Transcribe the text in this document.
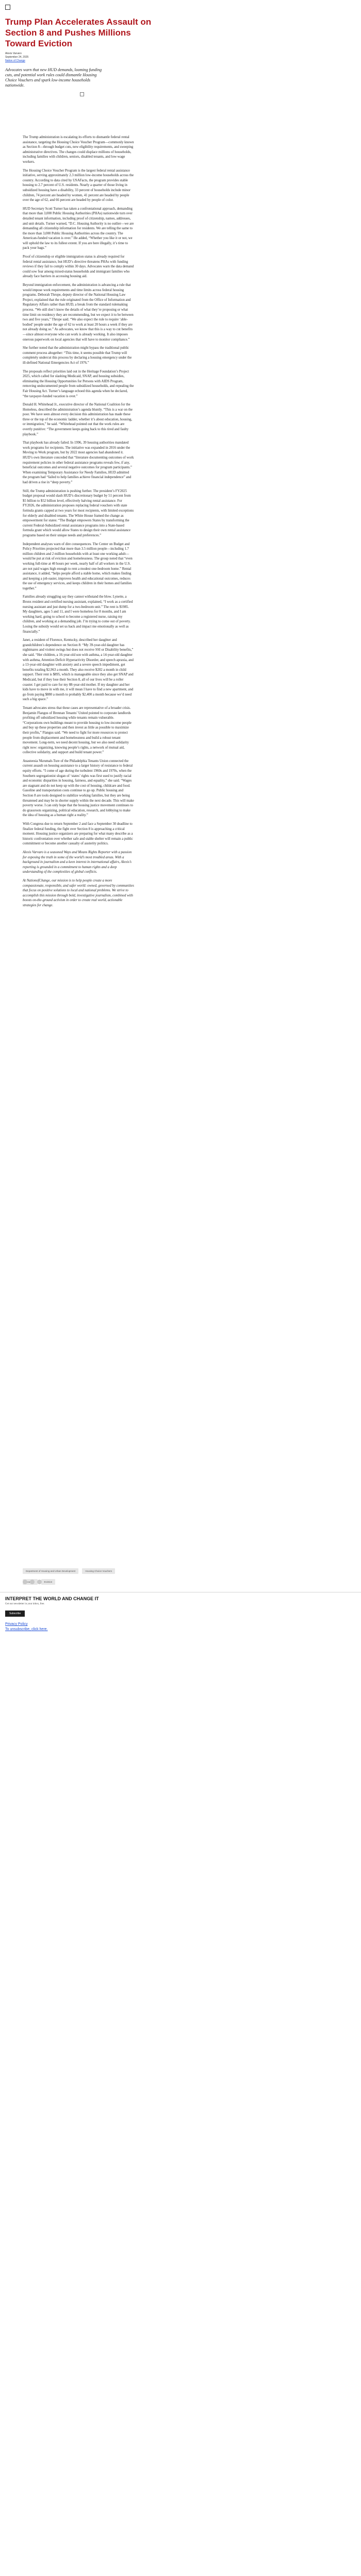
Trump Plan Accelerates Assault on Section 8 and Pushes Millions Toward Eviction
Alexis Varvaro
September 24, 2025
Nation of Change
Advocates warn that new HUD demands, looming funding cuts, and potential work rules could dismantle Housing Choice Vouchers and spark low-income households nationwide.

The Trump administration is escalating its efforts to dismantle federal rental assistance, targeting the Housing Choice Voucher Program—commonly known as Section 8—through budget cuts, new eligibility requirements, and sweeping administrative directives. The changes could displace millions of households, including families with children, seniors, disabled tenants, and low-wage workers.

The Housing Choice Voucher Program is the largest federal rental assistance initiative, serving approximately 2.3 million low-income households across the country. According to data cited by USAFacts, the program provides stable housing to 2.7 percent of U.S. residents. Nearly a quarter of those living in subsidized housing have a disability, 33 percent of households include minor children, 74 percent are headed by women, 41 percent are headed by people over the age of 62, and 66 percent are headed by people of color.

HUD Secretary Scott Turner has taken a confrontational approach, demanding that more than 3,000 Public Housing Authorities (PHAs) nationwide turn over detailed tenant information, including proof of citizenship, names, addresses, and unit details. Turner warned, “D.C. Housing Authority is no outlier—we are demanding all citizenship information for residents. We are telling the same to the more than 3,000 Public Housing Authorities across the country. The American-funded vacation is over.” He added, “Whether you like it or not, we will uphold the law to its fullest extent. If you are here illegally, it’s time to pack your bags.”

Proof of citizenship or eligible immigration status is already required for federal rental assistance, but HUD’s directive threatens PHAs with funding reviews if they fail to comply within 30 days. Advocates warn the data demand could sow fear among mixed-status households and immigrant families who already face barriers in accessing housing aid.

Beyond immigration enforcement, the administration is advancing a rule that would impose work requirements and time limits across federal housing programs. Deborah Thrope, deputy director of the National Housing Law Project, explained that the rule originated from the Office of Information and Regulatory Affairs rather than HUD, a break from the standard rulemaking process. “We still don’t know the details of what they’re proposing or what time limit on residency they are recommending, but we expect it to be between two and five years,” Thrope said. “We also expect the rule to require ‘able-bodied’ people under the age of 62 to work at least 20 hours a week if they are not already doing so.” As advocates, we know that this is a way to cut benefits—since almost everyone who can work is already working. It also imposes onerous paperwork on local agencies that will have to monitor compliance.”

She further noted that the administration might bypass the traditional public comment process altogether: “This time, it seems possible that Trump will completely undercut this process by declaring a housing emergency under the ill-defined National Emergencies Act of 1976.”

The proposals reflect priorities laid out in the Heritage Foundation’s Project 2025, which called for slashing Medicaid, SNAP, and housing subsidies, eliminating the Housing Opportunities for Persons with AIDS Program, removing undocumented people from subsidized households, and repealing the Fair Housing Act. Turner’s language echoed this agenda when he declared, “the taxpayer-funded vacation is over.”

Donald H. Whitehead Jr., executive director of the National Coalition for the Homeless, described the administration’s agenda bluntly. “This is a war on the poor. We have seen almost every decision this administration has made these three or the top of the economic ladder, whether it’s about education, housing, or immigration,” he said. “Whitehead pointed out that the work rules are overtly punitive: “The government keeps going back to this tired and faulty playbook.”

That playbook has already failed. In 1996, 39 housing authorities mandated work programs for recipients. The initiative was expanded in 2016 under the Moving to Work program, but by 2022 most agencies had abandoned it. HUD’s own literature conceded that “literature documenting outcomes of work requirement policies in other federal assistance programs reveals few, if any, beneficial outcomes and several negative outcomes for program participants.” When examining Temporary Assistance for Needy Families, HUD admitted the program had “failed to help families achieve financial independence” and had driven a rise in “deep poverty.”

Still, the Trump administration is pushing further. The president’s FY2025 budget proposal would slash HUD’s discretionary budget by 51 percent from $5 billion to $52 billion level, effectively halving rental assistance. For FY2026, the administration proposes replacing federal vouchers with state formula grants capped at two years for most recipients, with limited exceptions for elderly and disabled tenants. The White House framed the change as empowerment for states: “The Budget empowers States by transforming the current Federal-Subsidized rental assistance programs into a State-based formula grant which would allow States to design their own rental assistance programs based on their unique needs and preferences.”

Independent analyses warn of dire consequences. The Center on Budget and Policy Priorities projected that more than 3.5 million people—including 1.7 million children and 2 million households with at least one working adult—would be put at risk of eviction and homelessness. The group noted that “even working full-time at 40 hours per week, nearly half of all workers in the U.S. are not paid wages high enough to rent a modest one-bedroom home.” Rental assistance, it added, “helps people afford a stable home, which makes finding and keeping a job easier, improves health and educational outcomes, reduces the use of emergency services, and keeps children in their homes and families together.”

Families already struggling say they cannot withstand the blow. Lynette, a Bronx resident and certified nursing assistant, explained, “I work as a certified nursing assistant and just dump for a two-bedroom unit.” The rent is $1985. My daughters, ages 5 and 11, and I were homeless for 8 months, and I am working hard, going to school to become a registered nurse, raising my children, and working at a demanding job. I’m trying to come out of poverty. Losing the subsidy would set us back and impact me emotionally as well as financially.”

Janet, a resident of Florence, Kentucky, described her daughter and grandchildren’s dependence on Section 8: “My 39-year-old daughter has nightmares and violent swings but does not receive SSI or Disability benefits,” she said. “Her children, a 16-year-old son with asthma, a 14-year-old daughter with asthma, Attention Deficit Hyperactivity Disorder, and speech apraxia, and a 13-year-old daughter with anxiety and a severe speech impediment, get benefits totaling $2,963 a month. They also receive $202 a month in child support. Their rent is $895, which is manageable since they also get SNAP and Medicaid, but if they lose their Section 8, all of our lives will be a roller coaster. I get paid to care for my 88-year-old mother. If my daughter and her kids have to move in with me, it will mean I have to find a new apartment, and go from paying $880 a month to probably $2,400 a month because we’d need such a big space.”

Tenant advocates stress that these cases are representative of a broader crisis. Benjamin Flangus of Brennan Tenants’ United pointed to corporate landlords profiting off subsidized housing while tenants remain vulnerable. “Corporations own buildings meant to provide housing to low-income people and buy up these properties and then invest as little as possible to maximize their profits,” Flangus said. “We need to fight for more resources to protect people from displacement and homelessness and build a robust tenant movement. Long-term, we need decent housing, but we also need solidarity right now: organizing, knowing people’s rights, a network of mutual aid, collective solidarity, and support and build tenant power.”

Anasteesia Nkrumah-Ture of the Philadelphia Tenants Union connected the current assault on housing assistance to a larger history of resistance to federal equity efforts. “I come of age during the turbulent 1960s and 1970s, when the Southern segregationist slogan of ‘states’ rights was first used to justify racial and economic disparities in housing, fairness, and equality,” she said. “Wages are stagnant and do not keep up with the cost of housing, childcare and food. Gasoline and transportation costs continue to go up. Public housing and Section 8 are tools designed to stabilize working families, but they are being threatened and may be in shorter supply within the next decade. This will make poverty worse. I can only hope that the housing justice movement continues to do grassroots organizing, political education, research, and lobbying to make the idea of housing as a human right a reality.”

With Congress due to return September 2 and face a September 30 deadline to finalize federal funding, the fight over Section 8 is approaching a critical moment. Housing justice organizers are preparing for what many describe as a historic confrontation over whether safe and stable shelter will remain a public commitment or become another casualty of austerity politics.

Alexis Varvaro is a seasoned Ways and Means Rights Reporter with a passion for exposing the truth in some of the world’s most troubled areas. With a background in journalism and a keen interest in international affairs, Alexis’s reporting is grounded in a commitment to human rights and a deep understanding of the complexities of global conflicts.

At NationofChange, our mission is to help people create a more compassionate, responsible, and safer world: owned, governed by communities that focus on positive solutions to local and national problems. We strive to accomplish this mission through bold, investigative journalism, combined with boosts on-the-ground activism in order to create real world, actionable strategies for change.

Department of Housing and Urban Development	Housing Choice Vouchers  Eviction
INTERPRET THE WORLD AND CHANGE IT
Get our newsletter in your inbox, free.
Subscribe
Privacy Policy
To unsubscribe, click here.
